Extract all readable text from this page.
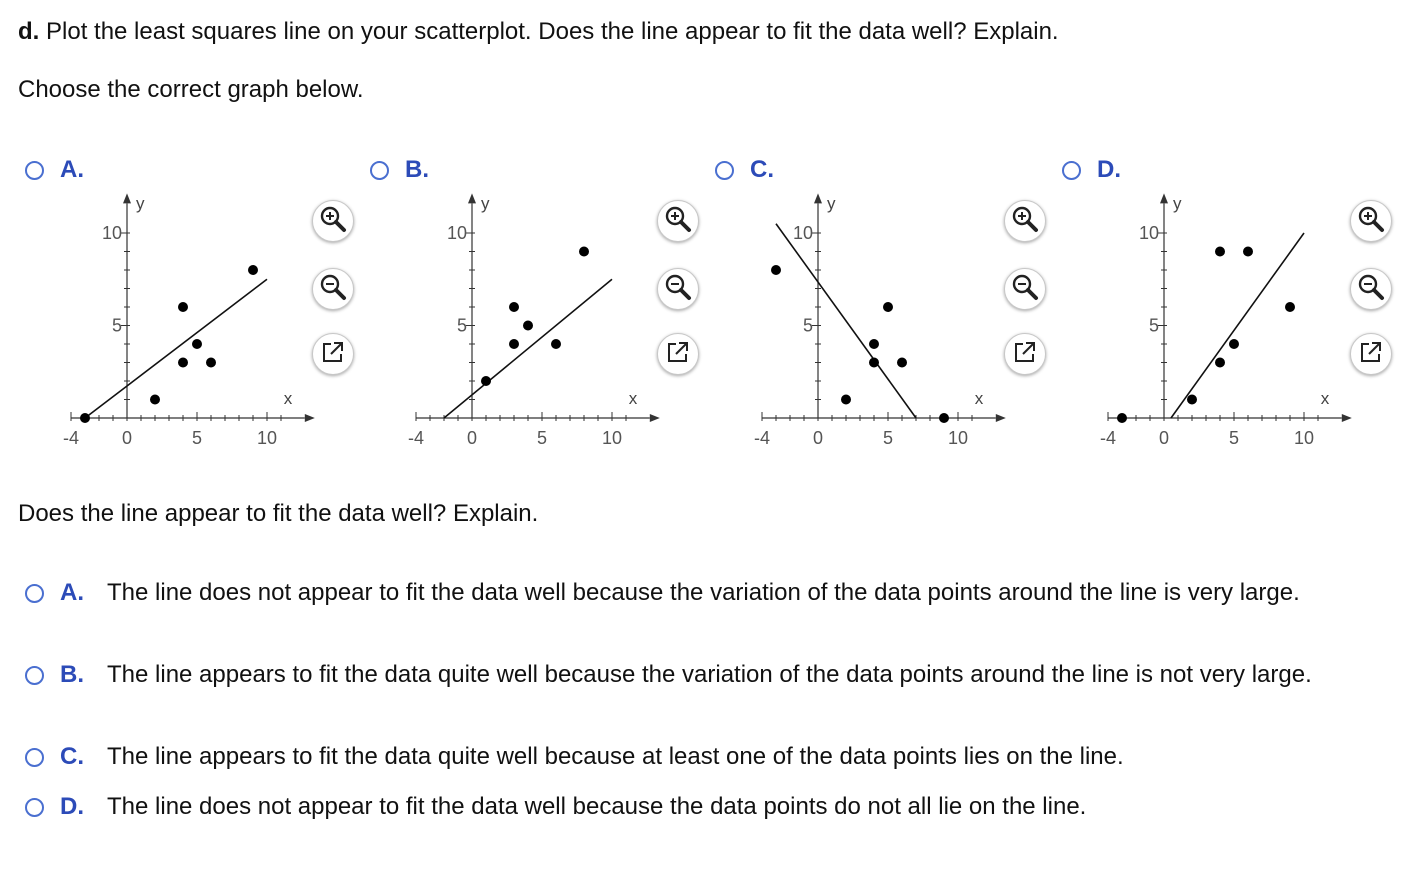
d. Plot the least squares line on your scatterplot. Does the line appear to fit the data well? Explain.
Choose the correct graph below.
A.
-4 0	5	10
10
5
y
x
B.
-4 0	5	10
10
5
y
x
C.
-4 0	5	10
10
5
y
x
D.
-4 0	5	10
10
5
y
x
Does the line appear to fit the data well? Explain.
A. The line does not appear to fit the data well because the variation of the data points around the line is very large.
B. The line appears to fit the data quite well because the variation of the data points around the line is not very large.
C. The line appears to fit the data quite well because at least one of the data points lies on the line.
D. The line does not appear to fit the data well because the data points do not all lie on the line.
